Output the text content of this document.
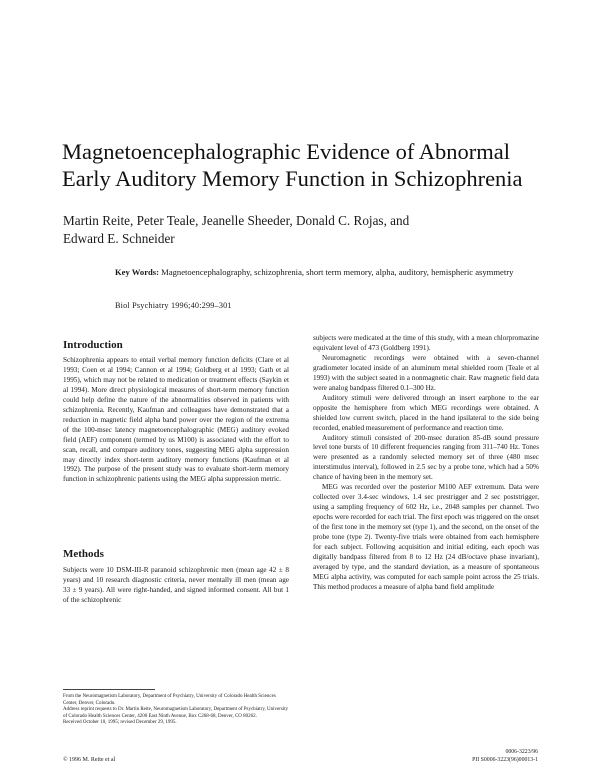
Magnetoencephalographic Evidence of Abnormal Early Auditory Memory Function in Schizophrenia
Martin Reite, Peter Teale, Jeanelle Sheeder, Donald C. Rojas, and
Edward E. Schneider
Key Words: Magnetoencephalography, schizophrenia, short term memory, alpha, auditory, hemispheric asymmetry
Biol Psychiatry 1996;40:299–301
Introduction

Schizophrenia appears to entail verbal memory function deficits (Clare et al 1993; Coen et al 1994; Cannon et al 1994; Goldberg et al 1993; Gath et al 1995), which may not be related to medication or treatment effects (Saykin et al 1994). More direct physiological measures of short-term memory function could help define the nature of the abnormalities observed in patients with schizophrenia. Recently, Kaufman and colleagues have demonstrated that a reduction in magnetic field alpha band power over the region of the extrema of the 100-msec latency magnetoencephalographic (MEG) auditory evoked field (AEF) component (termed by us M100) is associated with the effort to scan, recall, and compare auditory tones, suggesting MEG alpha suppression may directly index short-term auditory memory functions (Kaufman et al 1992). The purpose of the present study was to evaluate short-term memory function in schizophrenic patients using the MEG alpha suppression metric.

Methods

Subjects were 10 DSM-III-R paranoid schizophrenic men (mean age 42 ± 8 years) and 10 research diagnostic criteria, never mentally ill men (mean age 33 ± 9 years). All were right-handed, and signed informed consent. All but 1 of the schizophrenic

subjects were medicated at the time of this study, with a mean chlorpromazine equivalent level of 473 (Goldberg 1991).

Neuromagnetic recordings were obtained with a seven-channel gradiometer located inside of an aluminum metal shielded room (Teale et al 1993) with the subject seated in a nonmagnetic chair. Raw magnetic field data were analog bandpass filtered 0.1–300 Hz.

Auditory stimuli were delivered through an insert earphone to the ear opposite the hemisphere from which MEG recordings were obtained. A shielded low current switch, placed in the hand ipsilateral to the side being recorded, enabled measurement of performance and reaction time.

Auditory stimuli consisted of 200-msec duration 85-dB sound pressure level tone bursts of 10 different frequencies ranging from 311–740 Hz. Tones were presented as a randomly selected memory set of three (480 msec interstimulus interval), followed in 2.5 sec by a probe tone, which had a 50% chance of having been in the memory set.

MEG was recorded over the posterior M100 AEF extremum. Data were collected over 3.4-sec windows, 1.4 sec prestrigger and 2 sec poststrigger, using a sampling frequency of 602 Hz, i.e., 2048 samples per channel. Two epochs were recorded for each trial. The first epoch was triggered on the onset of the first tone in the memory set (type 1), and the second, on the onset of the probe tone (type 2). Twenty-five trials were obtained from each hemisphere for each subject. Following acquisition and initial editing, each epoch was digitally bandpass filtered from 8 to 12 Hz (24 dB/octave phase invariant), averaged by type, and the standard deviation, as a measure of spontaneous MEG alpha activity, was computed for each sample point across the 25 trials. This method produces a measure of alpha band field amplitude

From the Neuromagnetism Laboratory, Department of Psychiatry, University of Colorado Health Sciences Center, Denver, Colorado.

Address reprint requests to Dr. Martin Reite, Neuromagnetism Laboratory, Department of Psychiatry, University of Colorado Health Sciences Center, 4200 East Ninth Avenue, Box C268-68, Denver, CO 80262.

Received October 10, 1995; revised December 29, 1995.

© 1996 M. Reite et al
0006-3223/96
PII S0006-3223(96)00013-1
